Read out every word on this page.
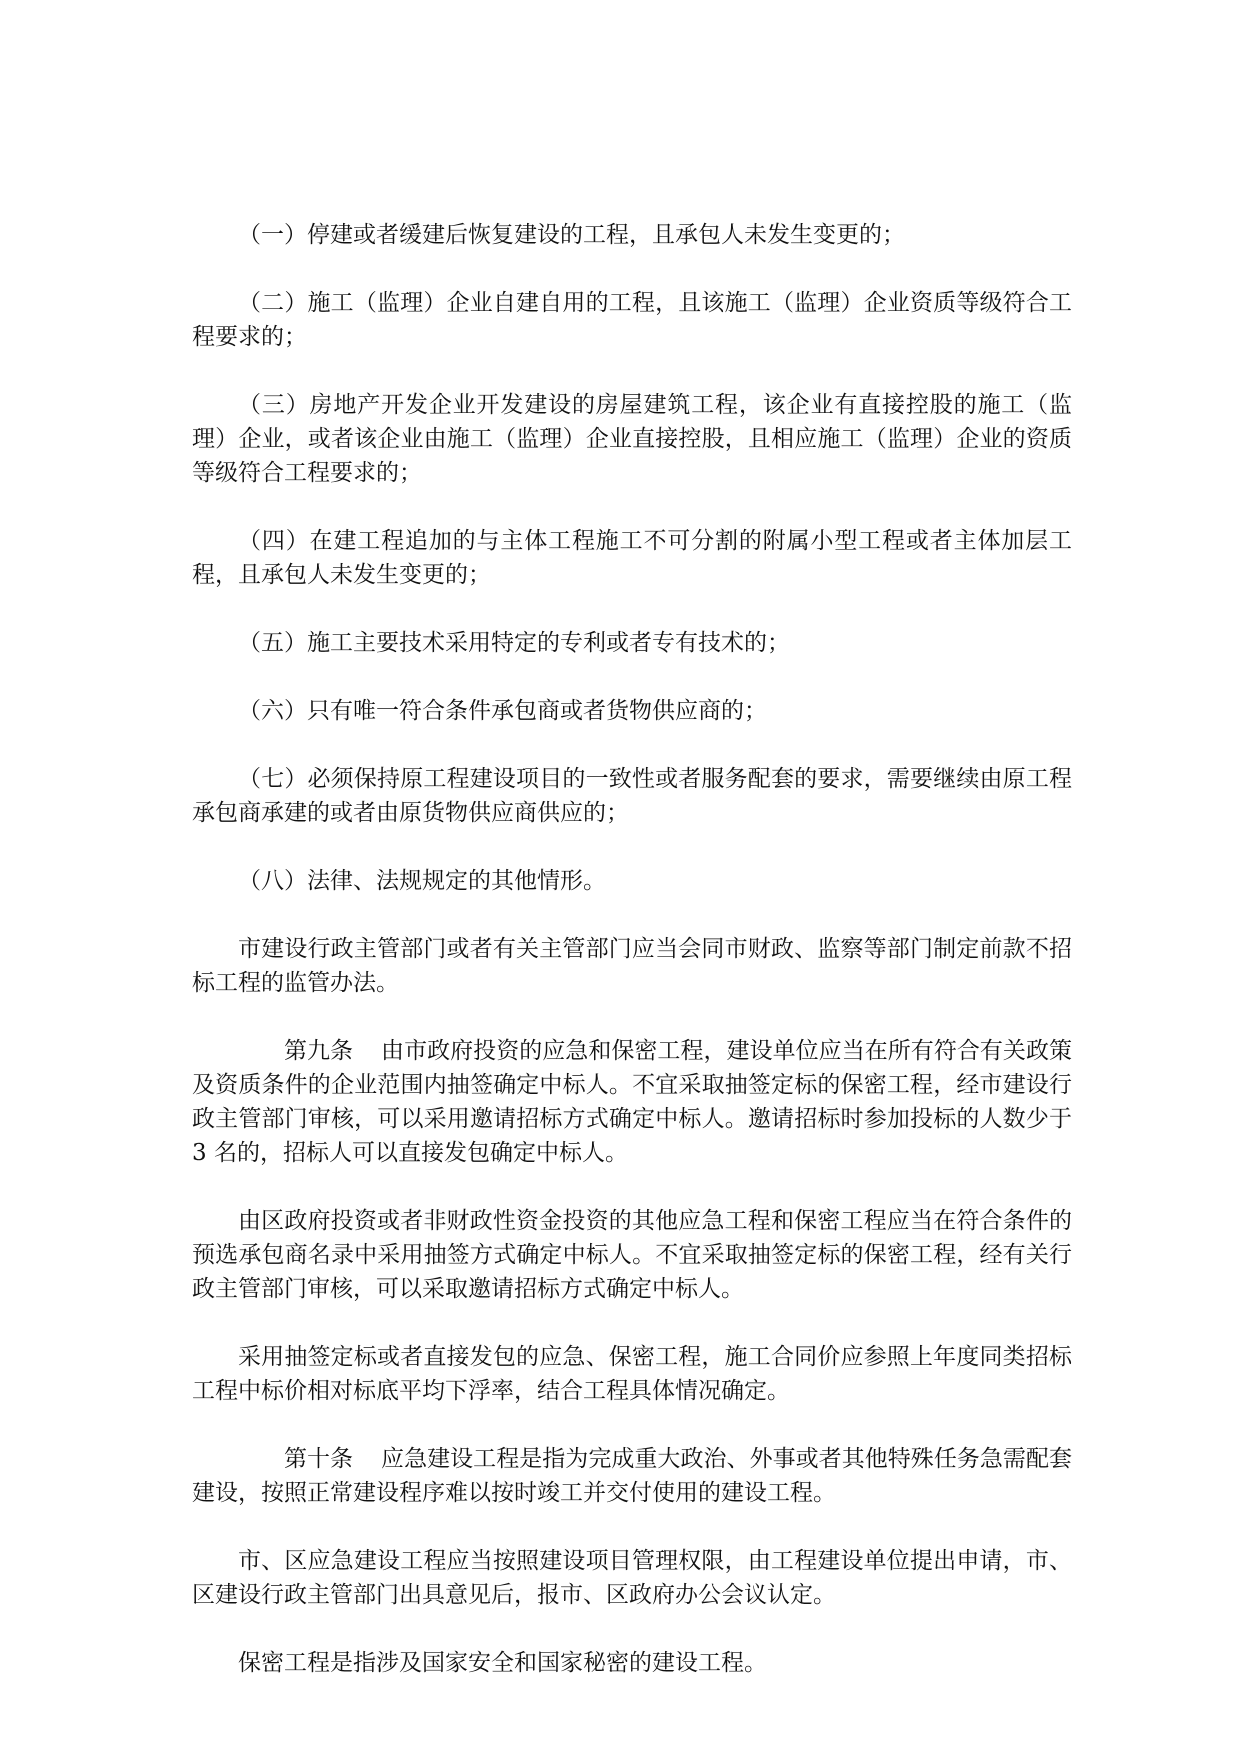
（一）停建或者缓建后恢复建设的工程，且承包人未发生变更的；

（二）施工（监理）企业自建自用的工程，且该施工（监理）企业资质等级符合工程要求的；

（三）房地产开发企业开发建设的房屋建筑工程，该企业有直接控股的施工（监理）企业，或者该企业由施工（监理）企业直接控股，且相应施工（监理）企业的资质等级符合工程要求的；

（四）在建工程追加的与主体工程施工不可分割的附属小型工程或者主体加层工程，且承包人未发生变更的；

（五）施工主要技术采用特定的专利或者专有技术的；

（六）只有唯一符合条件承包商或者货物供应商的；

（七）必须保持原工程建设项目的一致性或者服务配套的要求，需要继续由原工程承包商承建的或者由原货物供应商供应的；

（八）法律、法规规定的其他情形。

市建设行政主管部门或者有关主管部门应当会同市财政、监察等部门制定前款不招标工程的监管办法。

第九条 由市政府投资的应急和保密工程，建设单位应当在所有符合有关政策及资质条件的企业范围内抽签确定中标人。不宜采取抽签定标的保密工程，经市建设行政主管部门审核，可以采用邀请招标方式确定中标人。邀请招标时参加投标的人数少于 3 名的，招标人可以直接发包确定中标人。

由区政府投资或者非财政性资金投资的其他应急工程和保密工程应当在符合条件的预选承包商名录中采用抽签方式确定中标人。不宜采取抽签定标的保密工程，经有关行政主管部门审核，可以采取邀请招标方式确定中标人。

采用抽签定标或者直接发包的应急、保密工程，施工合同价应参照上年度同类招标工程中标价相对标底平均下浮率，结合工程具体情况确定。

第十条 应急建设工程是指为完成重大政治、外事或者其他特殊任务急需配套建设，按照正常建设程序难以按时竣工并交付使用的建设工程。

市、区应急建设工程应当按照建设项目管理权限，由工程建设单位提出申请，市、区建设行政主管部门出具意见后，报市、区政府办公会议认定。

保密工程是指涉及国家安全和国家秘密的建设工程。
